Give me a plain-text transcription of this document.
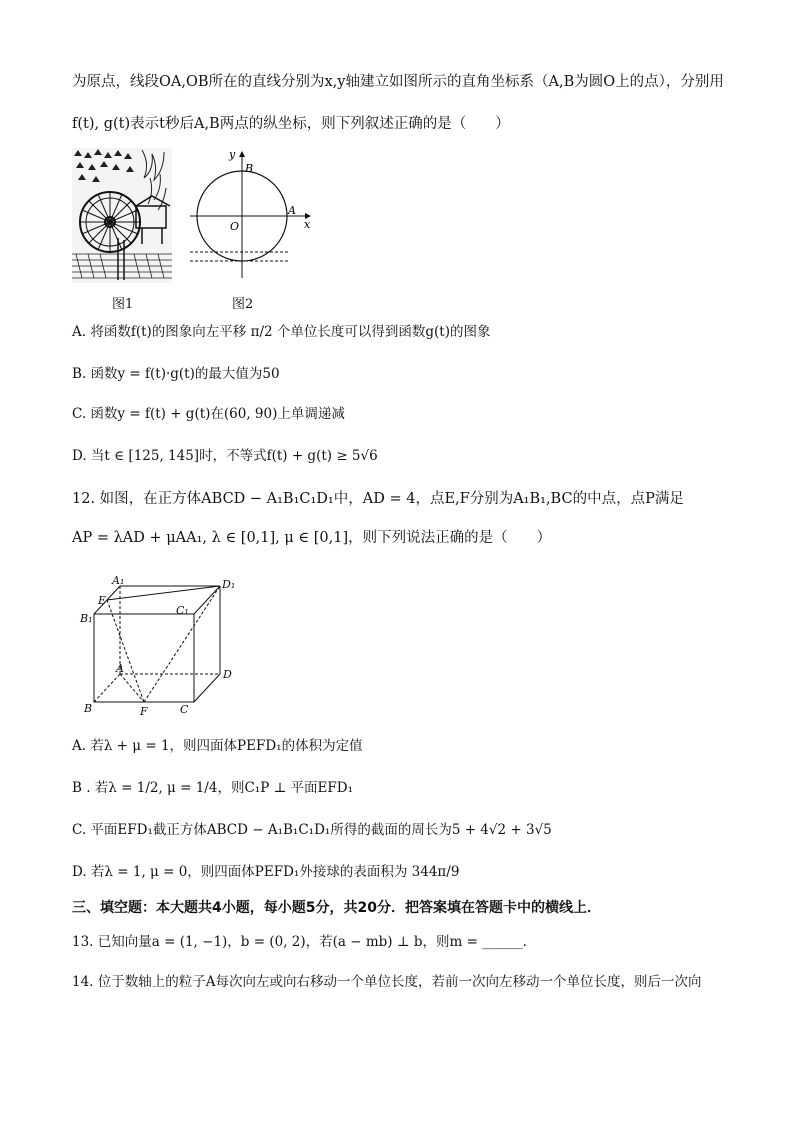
为原点，线段OA,OB所在的直线分别为x,y轴建立如图所示的直角坐标系（A,B为圆O上的点），分别用
f(t), g(t)表示t秒后A,B两点的纵坐标，则下列叙述正确的是（　　）
图1
y
x
O
A
B
图2
A. 将函数f(t)的图象向左平移 π/2 个单位长度可以得到函数g(t)的图象
B. 函数y = f(t)·g(t)的最大值为50
C. 函数y = f(t) + g(t)在(60, 90)上单调递减
D. 当t ∈ [125, 145]时，不等式f(t) + g(t) ≥ 5√6
12. 如图，在正方体ABCD − A₁B₁C₁D₁中，AD = 4，点E,F分别为A₁B₁,BC的中点，点P满足
AP = λAD + μAA₁, λ ∈ [0,1], μ ∈ [0,1]，则下列说法正确的是（　　）
A₁	D₁
E
B₁
C₁
A	D
B	F	C
A. 若λ + μ = 1，则四面体PEFD₁的体积为定值
B . 若λ = 1/2, μ = 1/4，则C₁P ⊥ 平面EFD₁
C. 平面EFD₁截正方体ABCD − A₁B₁C₁D₁所得的截面的周长为5 + 4√2 + 3√5
D. 若λ = 1, μ = 0，则四面体PEFD₁外接球的表面积为 344π/9
三、填空题：本大题共4小题，每小题5分，共20分．把答案填在答题卡中的横线上．
13. 已知向量a = (1, −1)，b = (0, 2)，若(a − mb) ⊥ b，则m = ______.
14. 位于数轴上的粒子A每次向左或向右移动一个单位长度，若前一次向左移动一个单位长度，则后一次向
